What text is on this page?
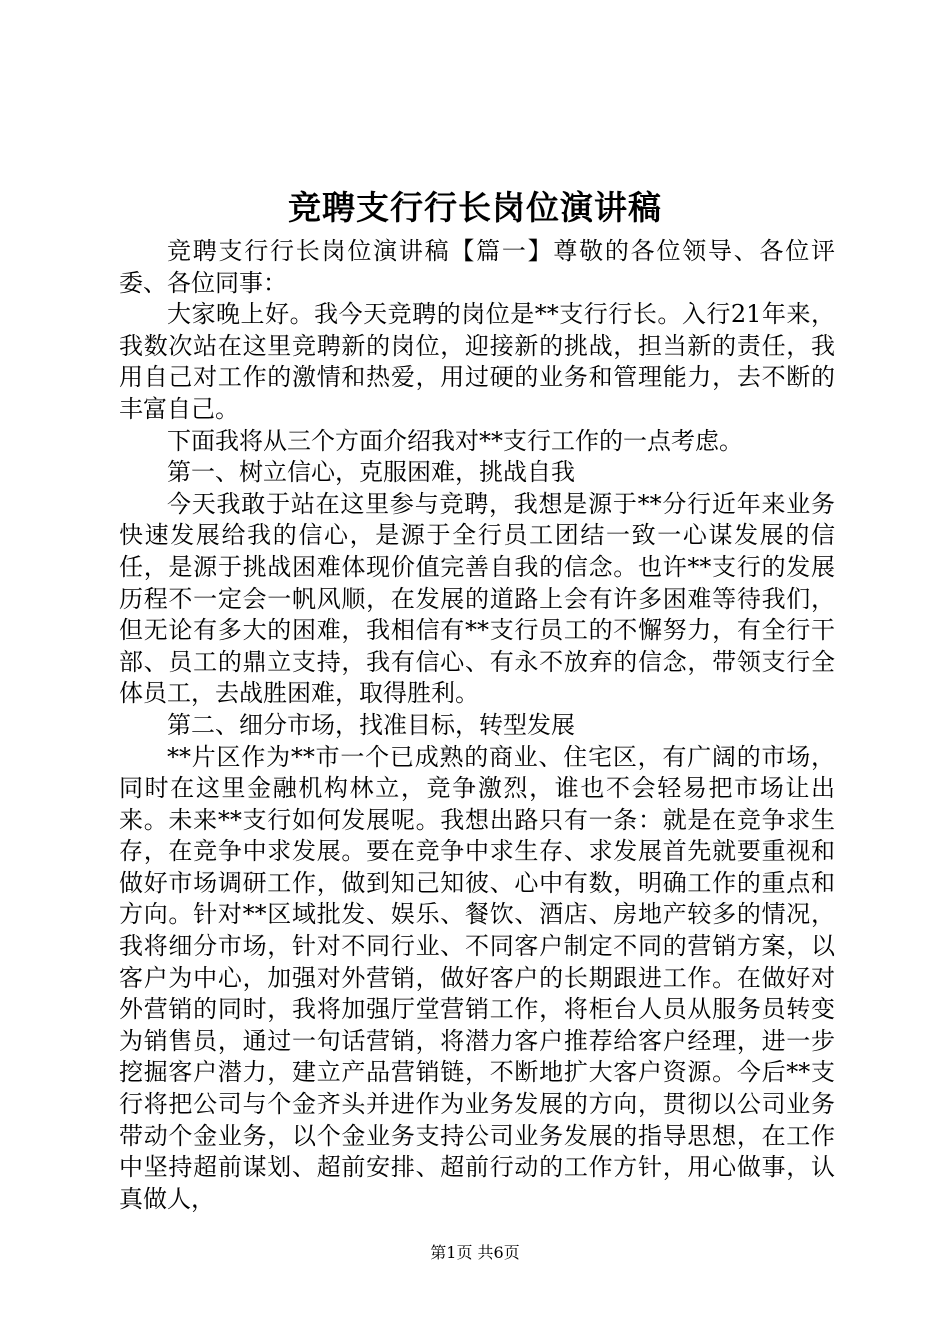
竞聘支行行长岗位演讲稿

竞聘支行行长岗位演讲稿【篇一】尊敬的各位领导、各位评委、各位同事：

大家晚上好。我今天竞聘的岗位是**支行行长。入行21年来，我数次站在这里竞聘新的岗位，迎接新的挑战，担当新的责任，我用自己对工作的激情和热爱，用过硬的业务和管理能力，去不断的丰富自己。

下面我将从三个方面介绍我对**支行工作的一点考虑。

第一、树立信心，克服困难，挑战自我

今天我敢于站在这里参与竞聘，我想是源于**分行近年来业务快速发展给我的信心，是源于全行员工团结一致一心谋发展的信任，是源于挑战困难体现价值完善自我的信念。也许**支行的发展历程不一定会一帆风顺，在发展的道路上会有许多困难等待我们，但无论有多大的困难，我相信有**支行员工的不懈努力，有全行干部、员工的鼎立支持，我有信心、有永不放弃的信念，带领支行全体员工，去战胜困难，取得胜利。

第二、细分市场，找准目标，转型发展

**片区作为**市一个已成熟的商业、住宅区，有广阔的市场，同时在这里金融机构林立，竞争激烈，谁也不会轻易把市场让出来。未来**支行如何发展呢。我想出路只有一条：就是在竞争求生存，在竞争中求发展。要在竞争中求生存、求发展首先就要重视和做好市场调研工作，做到知己知彼、心中有数，明确工作的重点和方向。针对**区域批发、娱乐、餐饮、酒店、房地产较多的情况，我将细分市场，针对不同行业、不同客户制定不同的营销方案，以客户为中心，加强对外营销，做好客户的长期跟进工作。在做好对外营销的同时，我将加强厅堂营销工作，将柜台人员从服务员转变为销售员，通过一句话营销，将潜力客户推荐给客户经理，进一步挖掘客户潜力，建立产品营销链，不断地扩大客户资源。今后**支行将把公司与个金齐头并进作为业务发展的方向，贯彻以公司业务带动个金业务，以个金业务支持公司业务发展的指导思想，在工作中坚持超前谋划、超前安排、超前行动的工作方针，用心做事，认真做人，

第1页 共6页
